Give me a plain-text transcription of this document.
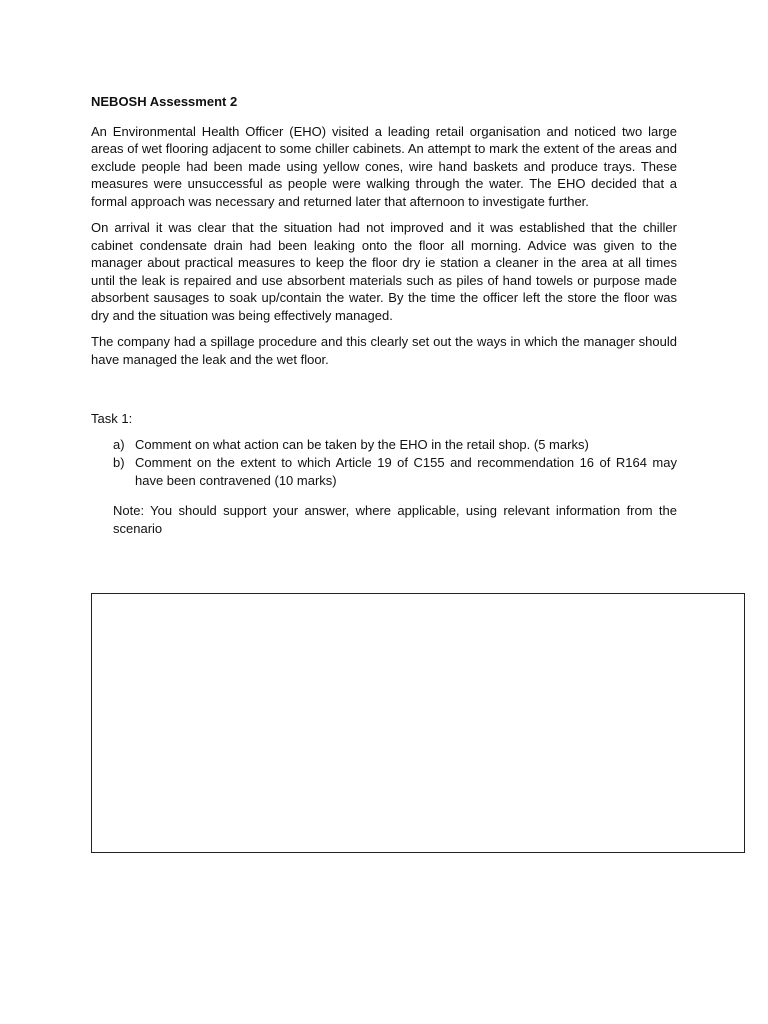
NEBOSH Assessment 2

An Environmental Health Officer (EHO) visited a leading retail organisation and noticed two large areas of wet flooring adjacent to some chiller cabinets. An attempt to mark the extent of the areas and exclude people had been made using yellow cones, wire hand baskets and produce trays. These measures were unsuccessful as people were walking through the water. The EHO decided that a formal approach was necessary and returned later that afternoon to investigate further.

On arrival it was clear that the situation had not improved and it was established that the chiller cabinet condensate drain had been leaking onto the floor all morning. Advice was given to the manager about practical measures to keep the floor dry ie station a cleaner in the area at all times until the leak is repaired and use absorbent materials such as piles of hand towels or purpose made absorbent sausages to soak up/contain the water. By the time the officer left the store the floor was dry and the situation was being effectively managed.

The company had a spillage procedure and this clearly set out the ways in which the manager should have managed the leak and the wet floor.

Task 1:

a) Comment on what action can be taken by the EHO in the retail shop. (5 marks)
b) Comment on the extent to which Article 19 of C155 and recommendation 16 of R164 may have been contravened (10 marks)

Note: You should support your answer, where applicable, using relevant information from the scenario
